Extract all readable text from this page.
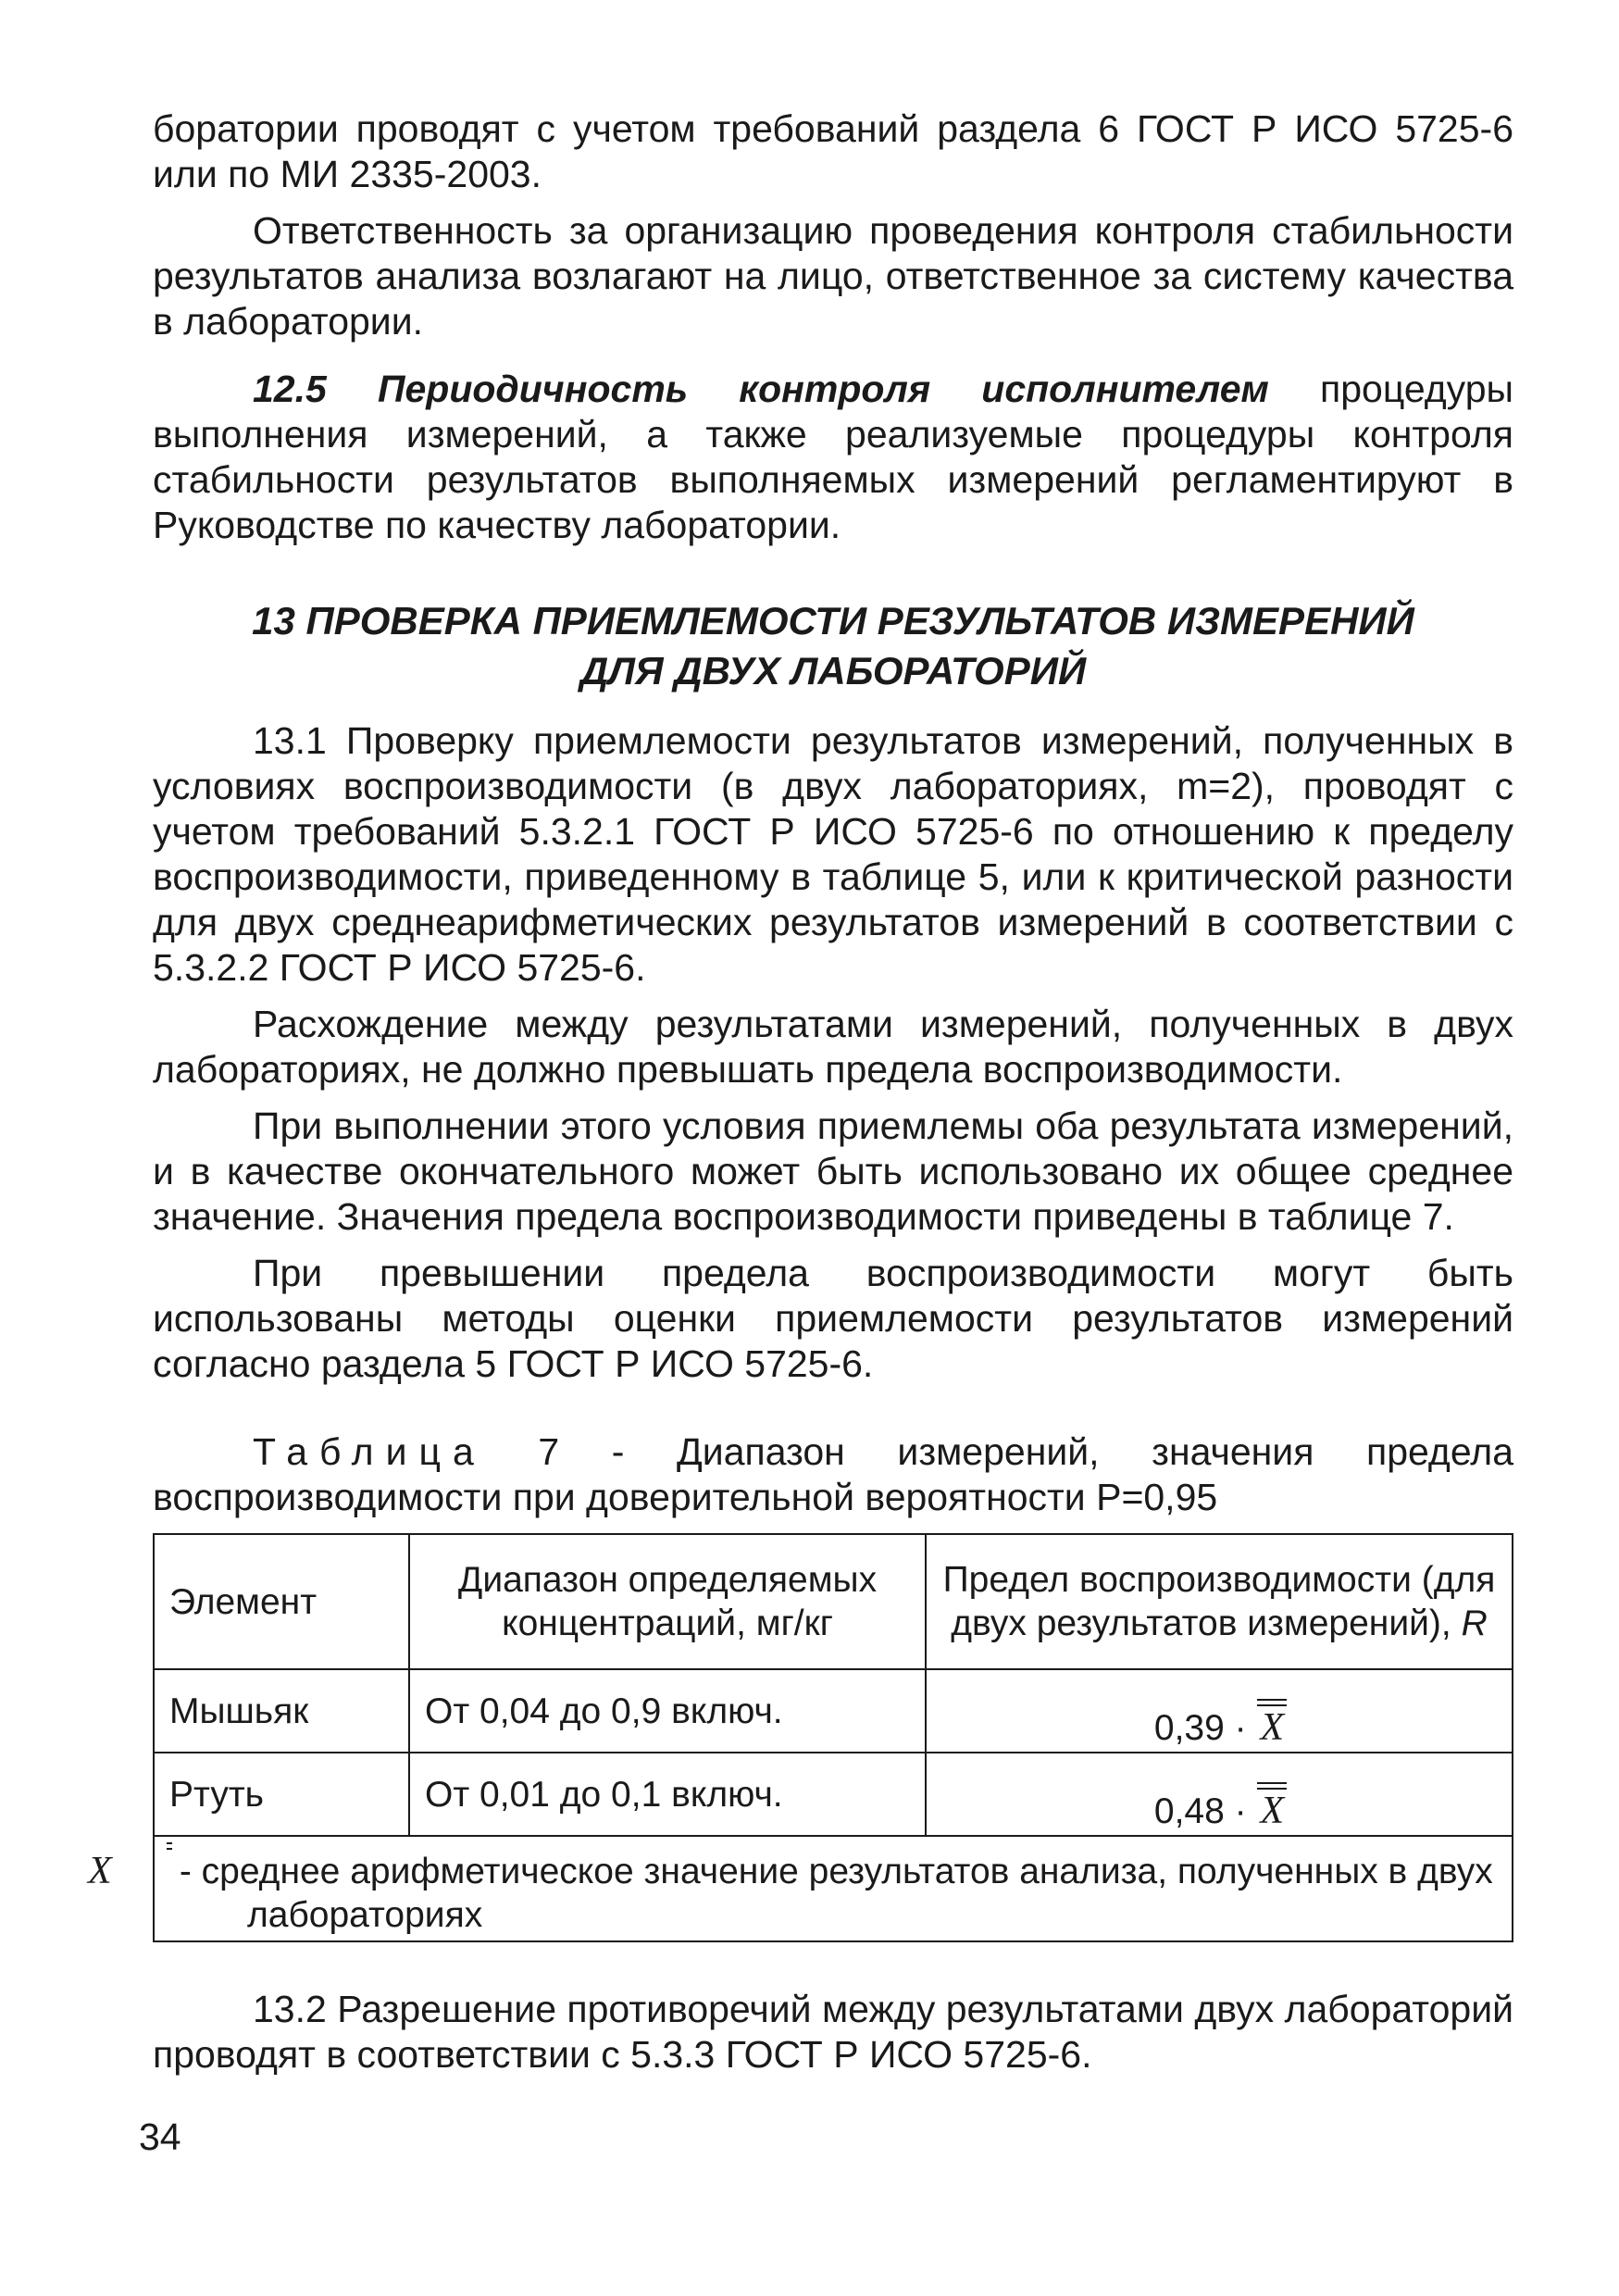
боратории проводят с учетом требований раздела 6 ГОСТ Р ИСО 5725-6 или по МИ 2335-2003.

Ответственность за организацию проведения контроля стабильности результатов анализа возлагают на лицо, ответственное за систему качества в лаборатории.

12.5 Периодичность контроля исполнителем процедуры выполнения измерений, а также реализуемые процедуры контроля стабильности результатов выполняемых измерений регламентируют в Руководстве по качеству лаборатории.

13 ПРОВЕРКА ПРИЕМЛЕМОСТИ РЕЗУЛЬТАТОВ ИЗМЕРЕНИЙ
ДЛЯ ДВУХ ЛАБОРАТОРИЙ

13.1 Проверку приемлемости результатов измерений, полученных в условиях воспроизводимости (в двух лабораториях, m=2), проводят с учетом требований 5.3.2.1 ГОСТ Р ИСО 5725-6 по отношению к пределу воспроизводимости, приведенному в таблице 5, или к критической разности для двух среднеарифметических результатов измерений в соответствии с 5.3.2.2 ГОСТ Р ИСО 5725-6.

Расхождение между результатами измерений, полученных в двух лабораториях, не должно превышать предела воспроизводимости.

При выполнении этого условия приемлемы оба результата измерений, и в качестве окончательного может быть использовано их общее среднее значение. Значения предела воспроизводимости приведены в таблице 7.

При превышении предела воспроизводимости могут быть использованы методы оценки приемлемости результатов измерений согласно раздела 5 ГОСТ Р ИСО 5725-6.

Таблица 7 - Диапазон измерений, значения предела воспроизводимости при доверительной вероятности Р=0,95

Элемент	Диапазон определяемых концентраций, мг/кг	Предел воспроизводимости (для двух результатов измерений), R
Мышьяк	От 0,04 до 0,9 включ.	0,39 · X
Ртуть	От 0,01 до 0,1 включ.	0,48 · X
X - среднее арифметическое значение результатов анализа, полученных в двух лабораториях		

13.2 Разрешение противоречий между результатами двух лабораторий проводят в соответствии с 5.3.3 ГОСТ Р ИСО 5725-6.

34
